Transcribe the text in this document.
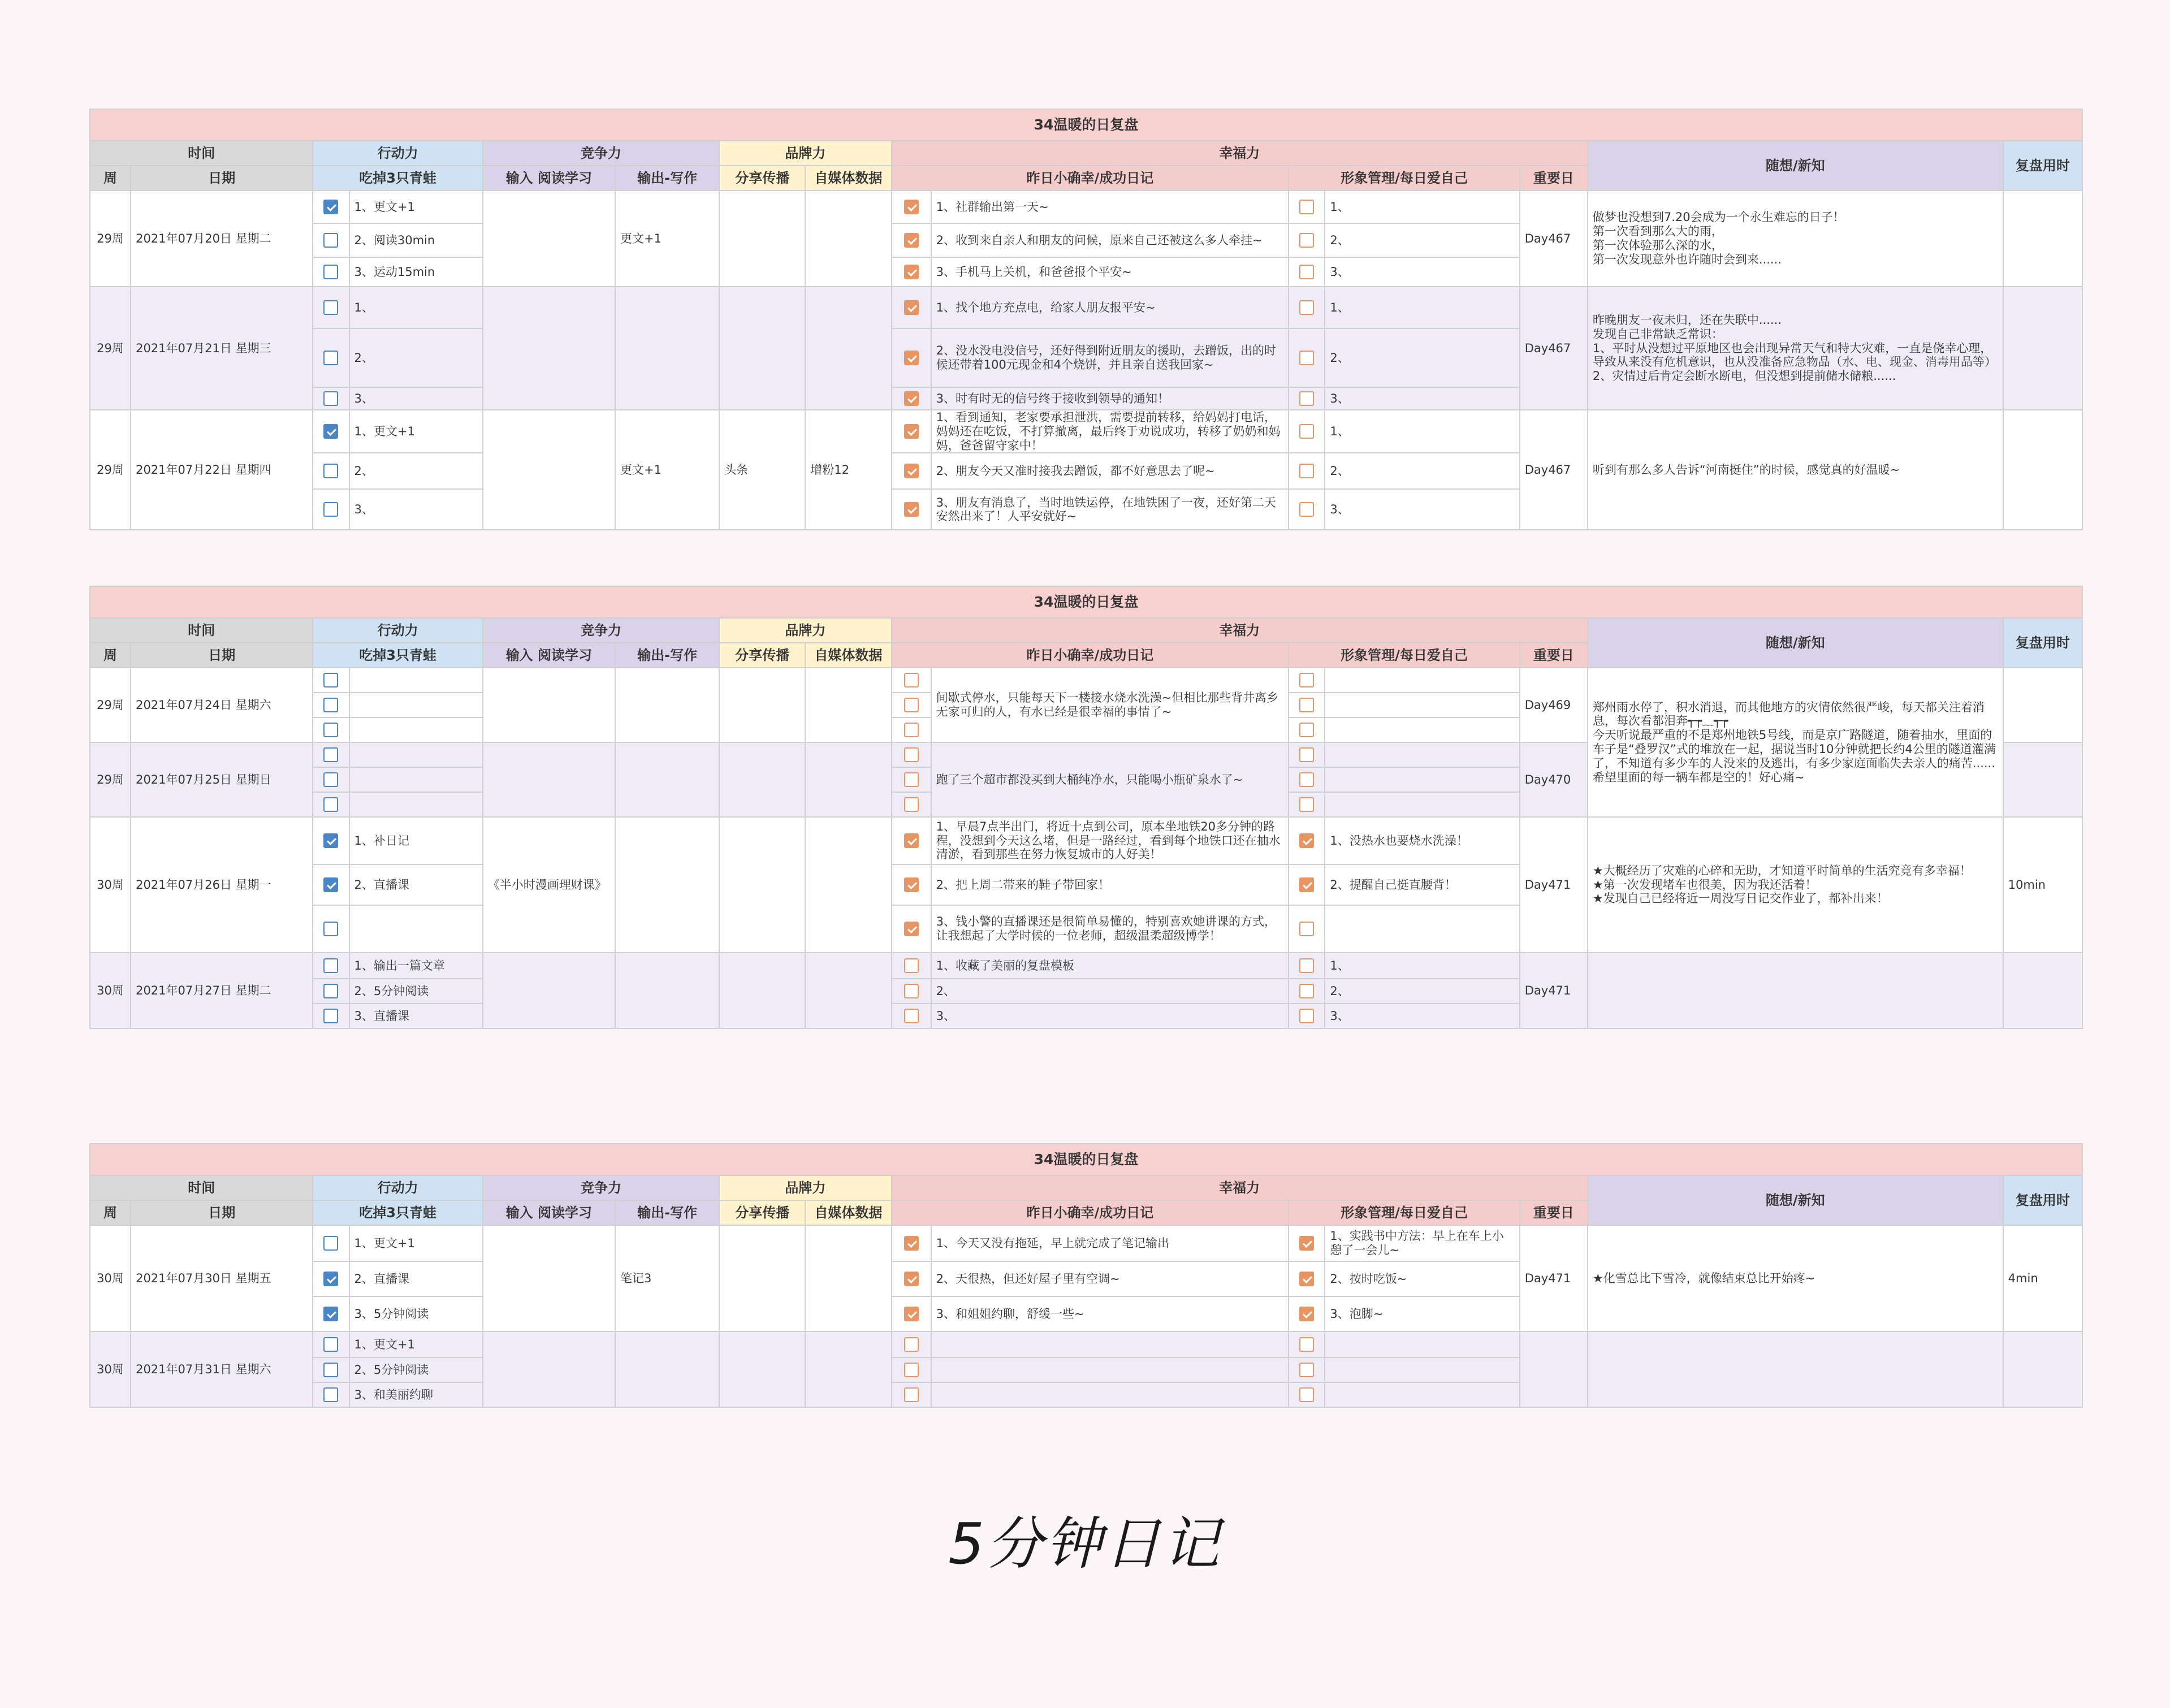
34温暖的日复盘														
时间		行动力		竞争力		品牌力		幸福力					随想/新知	复盘用时
周	日期	吃掉3只青蛙		输入 阅读学习	输出-写作	分享传播	自媒体数据	昨日小确幸/成功日记		形象管理/每日爱自己		重要日		
29周	2021年07月20日 星期二		1、更文+1		更文+1				1、社群输出第一天~		1、	Day467	做梦也没想到7.20会成为一个永生难忘的日子！
第一次看到那么大的雨，
第一次体验那么深的水，
第一次发现意外也许随时会到来......	
			2、阅读30min						2、收到来自亲人和朋友的问候，原来自己还被这么多人牵挂~		2、			
			3、运动15min						3、手机马上关机，和爸爸报个平安~		3、			
29周	2021年07月21日 星期三		1、						1、找个地方充点电，给家人朋友报平安~		1、	Day467	昨晚朋友一夜未归，还在失联中......
发现自己非常缺乏常识：
1、平时从没想过平原地区也会出现异常天气和特大灾难，一直是侥幸心理，导致从来没有危机意识，也从没准备应急物品（水、电、现金、消毒用品等）
2、灾情过后肯定会断水断电，但没想到提前储水储粮......	
			2、						2、没水没电没信号，还好得到附近朋友的援助，去蹭饭，出的时候还带着100元现金和4个烧饼，并且亲自送我回家~		2、			
			3、						3、时有时无的信号终于接收到领导的通知！		3、			
29周	2021年07月22日 星期四		1、更文+1		更文+1	头条	增粉12		1、看到通知，老家要承担泄洪，需要提前转移，给妈妈打电话，妈妈还在吃饭，不打算撤离，最后终于劝说成功，转移了奶奶和妈妈，爸爸留守家中！		1、	Day467	听到有那么多人告诉“河南挺住”的时候，感觉真的好温暖~	
			2、						2、朋友今天又准时接我去蹭饭，都不好意思去了呢~		2、			
			3、						3、朋友有消息了，当时地铁运停，在地铁困了一夜，还好第二天安然出来了！人平安就好~		3、			
34温暖的日复盘														
时间		行动力		竞争力		品牌力		幸福力					随想/新知	复盘用时
周	日期	吃掉3只青蛙		输入 阅读学习	输出-写作	分享传播	自媒体数据	昨日小确幸/成功日记		形象管理/每日爱自己		重要日		
29周	2021年07月24日 星期六								间歇式停水，只能每天下一楼接水烧水洗澡~但相比那些背井离乡无家可归的人，有水已经是很幸福的事情了~			Day469	郑州雨水停了，积水消退，而其他地方的灾情依然很严峻，每天都关注着消息，每次看都泪奔┭┮﹏┭┮
今天听说最严重的不是郑州地铁5号线，而是京广路隧道，随着抽水，里面的车子是“叠罗汉”式的堆放在一起，据说当时10分钟就把长约4公里的隧道灌满了，不知道有多少车的人没来的及逃出，有多少家庭面临失去亲人的痛苦......希望里面的每一辆车都是空的！好心痛~	

29周	2021年07月25日 星期日								跑了三个超市都没买到大桶纯净水，只能喝小瓶矿泉水了~			Day470		

30周	2021年07月26日 星期一		1、补日记	《半小时漫画理财课》					1、早晨7点半出门，将近十点到公司，原本坐地铁20多分钟的路程，没想到今天这么堵，但是一路经过，看到每个地铁口还在抽水清淤，看到那些在努力恢复城市的人好美！		1、没热水也要烧水洗澡！	Day471	★大概经历了灾难的心碎和无助，才知道平时简单的生活究竟有多幸福！
★第一次发现堵车也很美，因为我还活着！
★发现自己已经将近一周没写日记交作业了，都补出来！	10min
			2、直播课						2、把上周二带来的鞋子带回家！		2、提醒自己挺直腰背！			
									3、钱小警的直播课还是很简单易懂的，特别喜欢她讲课的方式，让我想起了大学时候的一位老师，超级温柔超级博学！					
30周	2021年07月27日 星期二		1、输出一篇文章						1、收藏了美丽的复盘模板		1、	Day471		
			2、5分钟阅读						2、		2、			
			3、直播课						3、		3、			
34温暖的日复盘														
时间		行动力		竞争力		品牌力		幸福力					随想/新知	复盘用时
周	日期	吃掉3只青蛙		输入 阅读学习	输出-写作	分享传播	自媒体数据	昨日小确幸/成功日记		形象管理/每日爱自己		重要日		
30周	2021年07月30日 星期五		1、更文+1		笔记3				1、今天又没有拖延，早上就完成了笔记输出		1、实践书中方法：早上在车上小憩了一会儿~	Day471	★化雪总比下雪冷，就像结束总比开始疼~	4min
			2、直播课						2、天很热，但还好屋子里有空调~		2、按时吃饭~			
			3、5分钟阅读						3、和姐姐约聊，舒缓一些~		3、泡脚~			
30周	2021年07月31日 星期六		1、更文+1											
			2、5分钟阅读											
			3、和美丽约聊											
5分钟日记
